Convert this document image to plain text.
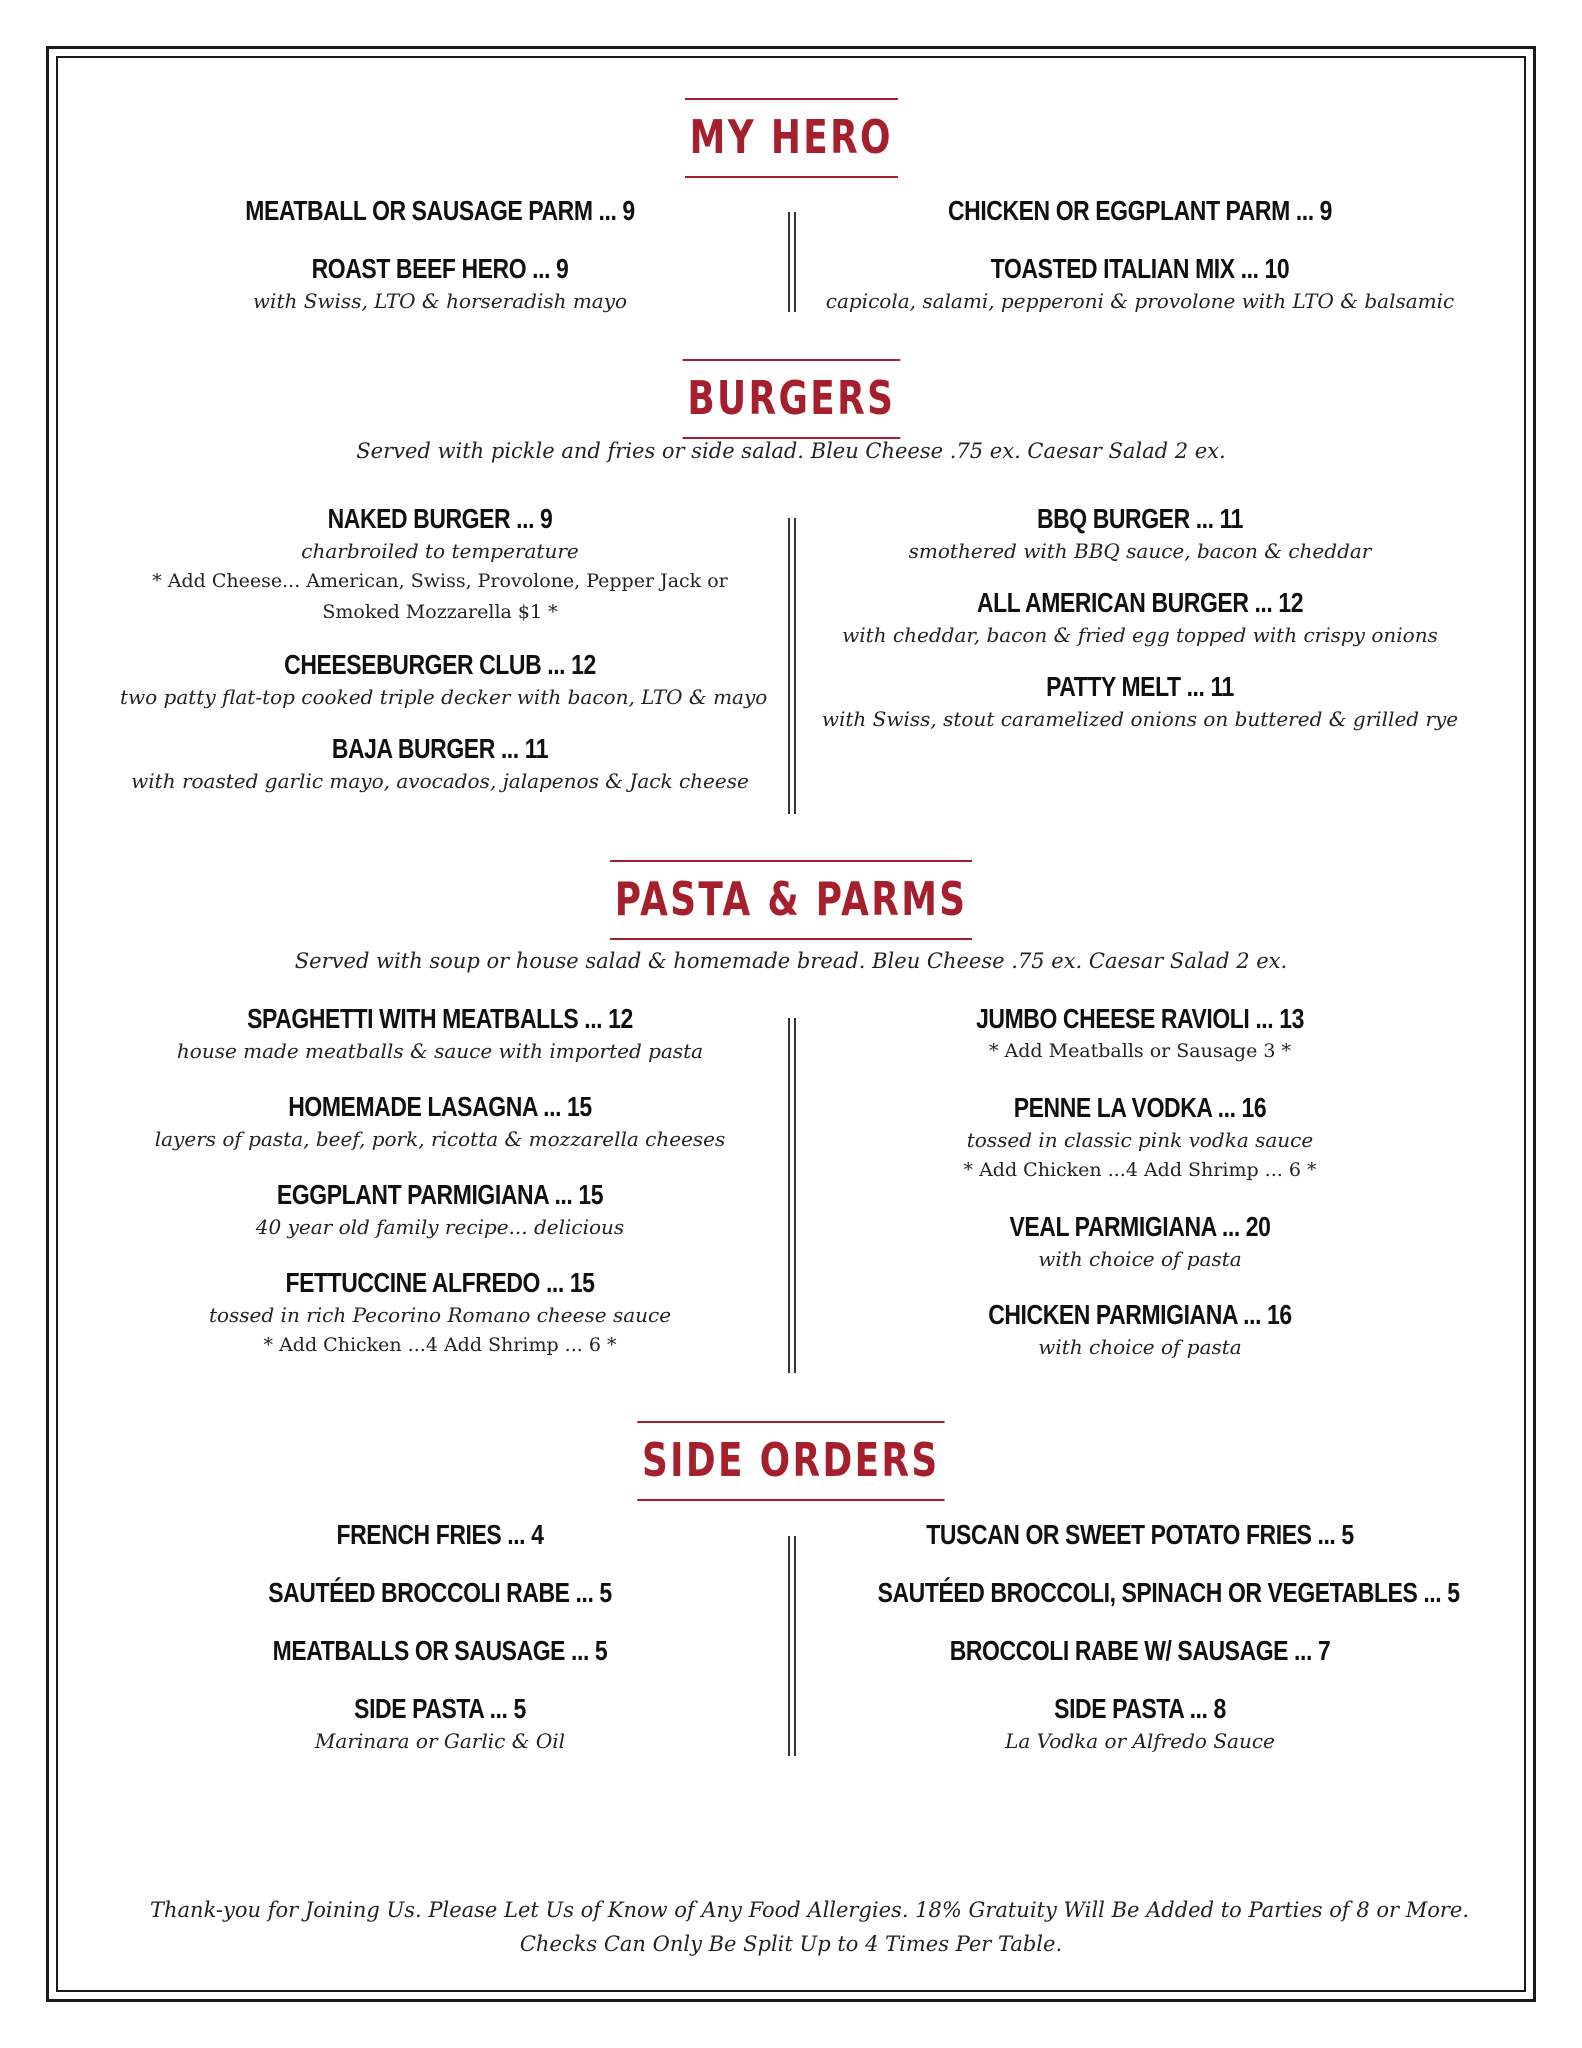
MY HERO
MEATBALL OR SAUSAGE PARM ... 9
ROAST BEEF HERO ... 9
with Swiss, LTO & horseradish mayo
CHICKEN OR EGGPLANT PARM ... 9
TOASTED ITALIAN MIX ... 10
capicola, salami, pepperoni & provolone with LTO & balsamic
BURGERS
Served with pickle and fries or side salad. Bleu Cheese .75 ex. Caesar Salad 2 ex.
NAKED BURGER ... 9
charbroiled to temperature
* Add Cheese... American, Swiss, Provolone, Pepper Jack or
Smoked Mozzarella $1 *
CHEESEBURGER CLUB ... 12
two patty flat-top cooked triple decker with bacon, LTO & mayo
BAJA BURGER ... 11
with roasted garlic mayo, avocados, jalapenos & Jack cheese
BBQ BURGER ... 11
smothered with BBQ sauce, bacon & cheddar
ALL AMERICAN BURGER ... 12
with cheddar, bacon & fried egg topped with crispy onions
PATTY MELT ... 11
with Swiss, stout caramelized onions on buttered & grilled rye
PASTA & PARMS
Served with soup or house salad & homemade bread. Bleu Cheese .75 ex. Caesar Salad 2 ex.
SPAGHETTI WITH MEATBALLS ... 12
house made meatballs & sauce with imported pasta
HOMEMADE LASAGNA ... 15
layers of pasta, beef, pork, ricotta & mozzarella cheeses
EGGPLANT PARMIGIANA ... 15
40 year old family recipe... delicious
FETTUCCINE ALFREDO ... 15
tossed in rich Pecorino Romano cheese sauce
* Add Chicken ...4 Add Shrimp ... 6 *
JUMBO CHEESE RAVIOLI ... 13
* Add Meatballs or Sausage 3 *
PENNE LA VODKA ... 16
tossed in classic pink vodka sauce
* Add Chicken ...4 Add Shrimp ... 6 *
VEAL PARMIGIANA ... 20
with choice of pasta
CHICKEN PARMIGIANA ... 16
with choice of pasta
SIDE ORDERS
FRENCH FRIES ... 4
SAUTÉED BROCCOLI RABE ... 5
MEATBALLS OR SAUSAGE ... 5
SIDE PASTA ... 5
Marinara or Garlic & Oil
TUSCAN OR SWEET POTATO FRIES ... 5
SAUTÉED BROCCOLI, SPINACH OR VEGETABLES ... 5
BROCCOLI RABE W/ SAUSAGE ... 7
SIDE PASTA ... 8
La Vodka or Alfredo Sauce
Thank-you for Joining Us. Please Let Us of Know of Any Food Allergies. 18% Gratuity Will Be Added to Parties of 8 or More.
Checks Can Only Be Split Up to 4 Times Per Table.
